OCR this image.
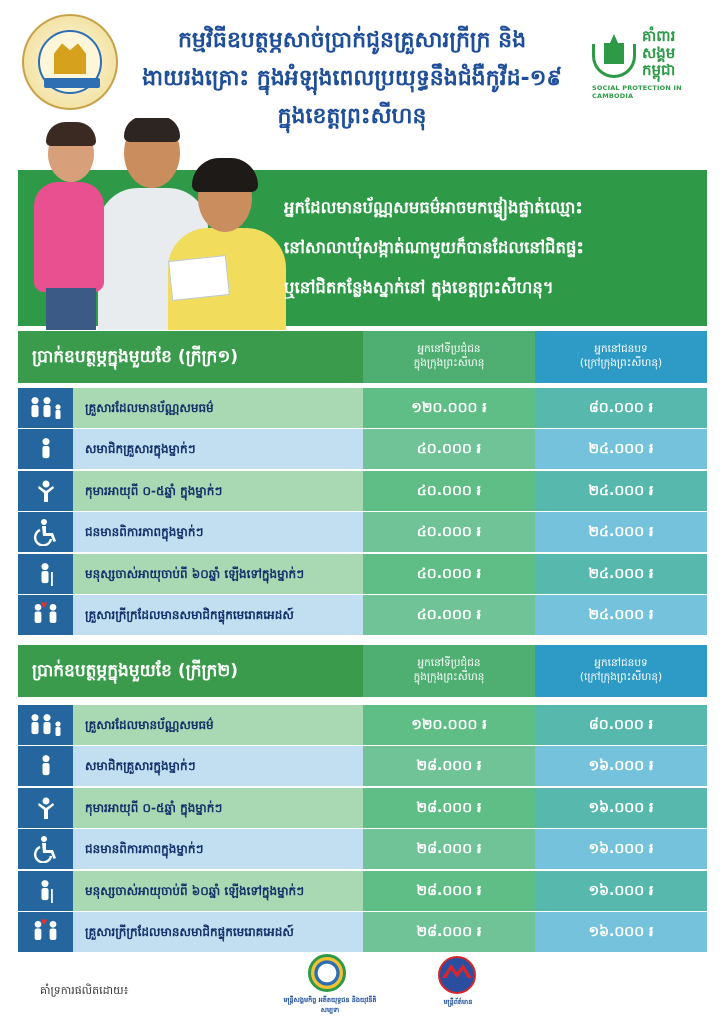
កម្មវិធីឧបត្ថម្ភសាច់ប្រាក់ជូនគ្រួសារក្រីក្រ និង
ងាយរងគ្រោះ ក្នុងអំឡុងពេលប្រយុទ្ធនឹងជំងឺកូវីដ-១៩
ក្នុងខេត្តព្រះសីហនុ
គាំពារ
សង្គម
កម្ពុជា
SOCIAL PROTECTION IN CAMBODIA
អ្នកដែលមានប័ណ្ណសមធម៌អាចមកផ្ទៀងផ្ទាត់ឈ្មោះ
នៅសាលាឃុំសង្កាត់ណាមួយក៏បានដែលនៅជិតផ្ទះ
ឬនៅជិតកន្លែងស្នាក់នៅ ក្នុងខេត្តព្រះសីហនុ។
ប្រាក់ឧបត្ថម្ភក្នុងមួយខែ (ក្រីក្រ១)	អ្នកនៅទីប្រជុំជន
ក្នុងក្រុងព្រះសីហនុ
អ្នកនៅជនបទ
(ក្រៅក្រុងព្រះសីហនុ)
គ្រួសារដែលមានប័ណ្ណសមធម៌	១២០.០០០ ៛	៨០.០០០ ៛
សមាជិកគ្រួសារក្នុងម្នាក់ៗ	៤០.០០០ ៛	២៤.០០០ ៛
កុមារអាយុពី ០-៥ឆ្នាំ ក្នុងម្នាក់ៗ	៤០.០០០ ៛	២៤.០០០ ៛
ជនមានពិការភាពក្នុងម្នាក់ៗ	៤០.០០០ ៛	២៤.០០០ ៛
មនុស្សចាស់អាយុចាប់ពី ៦០ឆ្នាំ ឡើងទៅក្នុងម្នាក់ៗ	៤០.០០០ ៛	២៤.០០០ ៛
គ្រួសារក្រីក្រដែលមានសមាជិកផ្ទុកមេរោគអេដស៍	៤០.០០០ ៛	២៤.០០០ ៛
ប្រាក់ឧបត្ថម្ភក្នុងមួយខែ (ក្រីក្រ២)	អ្នកនៅទីប្រជុំជន
ក្នុងក្រុងព្រះសីហនុ
អ្នកនៅជនបទ
(ក្រៅក្រុងព្រះសីហនុ)
គ្រួសារដែលមានប័ណ្ណសមធម៌	១២០.០០០ ៛	៨០.០០០ ៛
សមាជិកគ្រួសារក្នុងម្នាក់ៗ	២៨.០០០ ៛	១៦.០០០ ៛
កុមារអាយុពី ០-៥ឆ្នាំ ក្នុងម្នាក់ៗ	២៨.០០០ ៛	១៦.០០០ ៛
ជនមានពិការភាពក្នុងម្នាក់ៗ	២៨.០០០ ៛	១៦.០០០ ៛
មនុស្សចាស់អាយុចាប់ពី ៦០ឆ្នាំ ឡើងទៅក្នុងម្នាក់ៗ	២៨.០០០ ៛	១៦.០០០ ៛
គ្រួសារក្រីក្រដែលមានសមាជិកផ្ទុកមេរោគអេដស៍	២៨.០០០ ៛	១៦.០០០ ៛
គាំទ្រការផលិតដោយ៖
មន្ត្រីសង្គមកិច្ច អតីតយុទ្ធជន និងយុវនីតិសម្បទា
មន្ត្រីព័ត៌មាន
